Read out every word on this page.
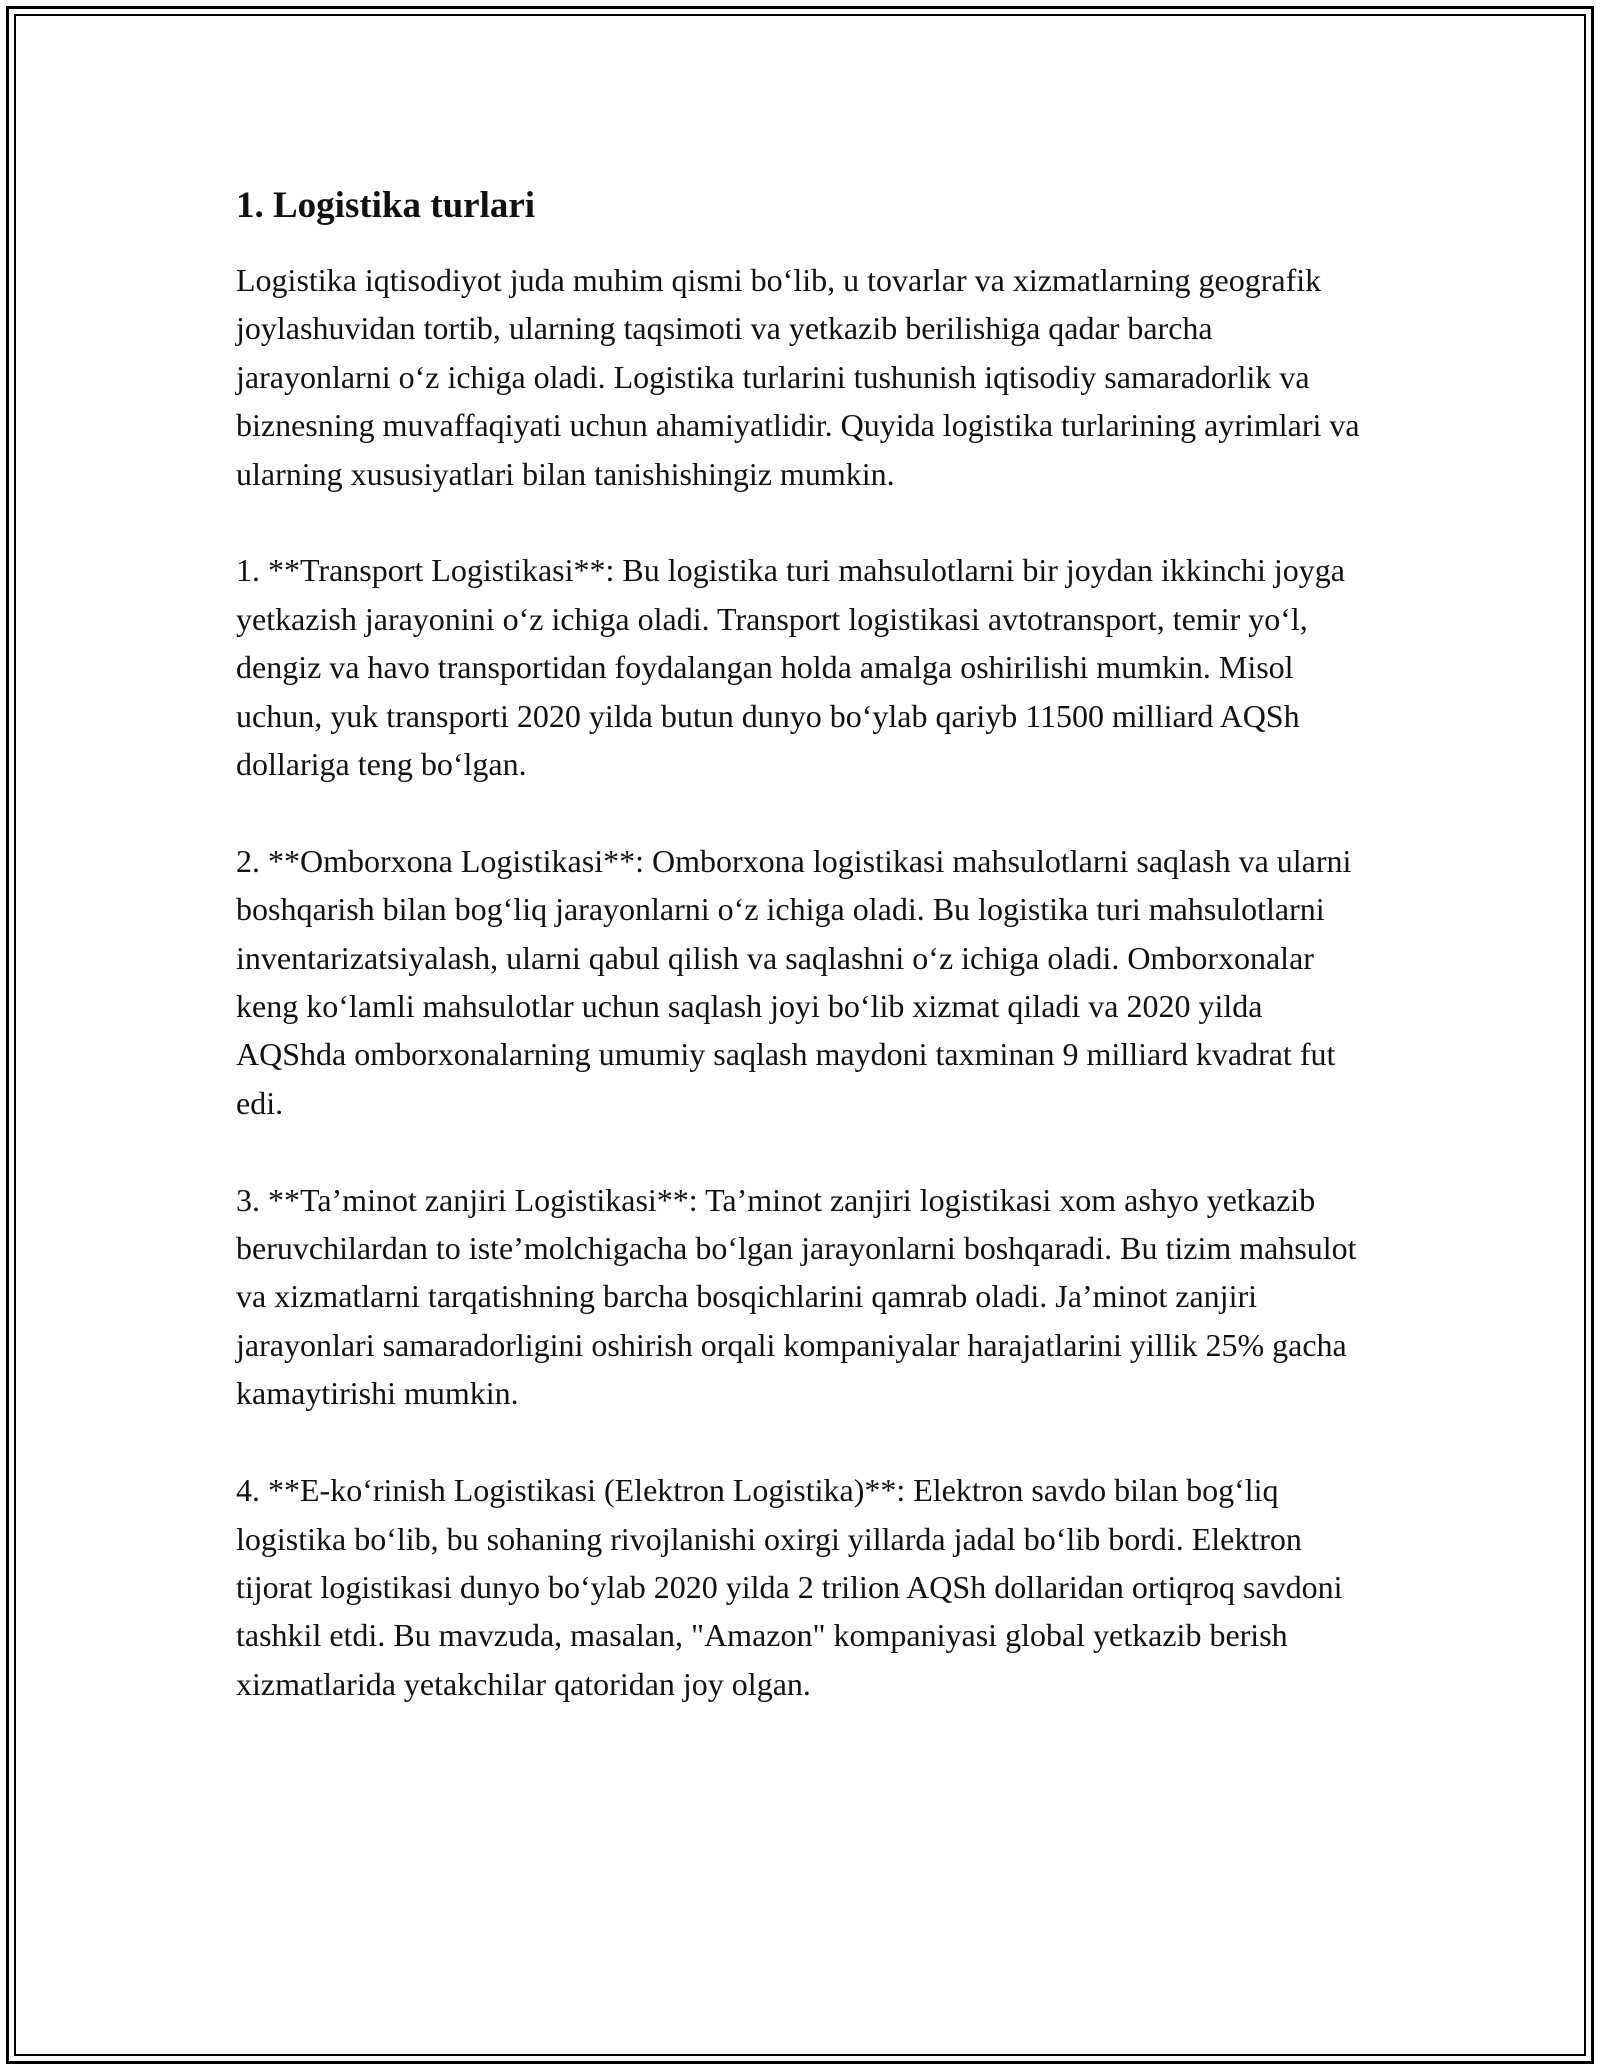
1. Logistika turlari

Logistika iqtisodiyot juda muhim qismi bo‘lib, u tovarlar va xizmatlarning geografik joylashuvidan tortib, ularning taqsimoti va yetkazib berilishiga qadar barcha jarayonlarni o‘z ichiga oladi. Logistika turlarini tushunish iqtisodiy samaradorlik va biznesning muvaffaqiyati uchun ahamiyatlidir. Quyida logistika turlarining ayrimlari va ularning xususiyatlari bilan tanishishingiz mumkin.

1. **Transport Logistikasi**: Bu logistika turi mahsulotlarni bir joydan ikkinchi joyga yetkazish jarayonini o‘z ichiga oladi. Transport logistikasi avtotransport, temir yo‘l, dengiz va havo transportidan foydalangan holda amalga oshirilishi mumkin. Misol uchun, yuk transporti 2020 yilda butun dunyo bo‘ylab qariyb 11500 milliard AQSh dollariga teng bo‘lgan.

2. **Omborxona Logistikasi**: Omborxona logistikasi mahsulotlarni saqlash va ularni boshqarish bilan bog‘liq jarayonlarni o‘z ichiga oladi. Bu logistika turi mahsulotlarni inventarizatsiyalash, ularni qabul qilish va saqlashni o‘z ichiga oladi. Omborxonalar keng ko‘lamli mahsulotlar uchun saqlash joyi bo‘lib xizmat qiladi va 2020 yilda AQShda omborxonalarning umumiy saqlash maydoni taxminan 9 milliard kvadrat fut edi.

3. **Ta’minot zanjiri Logistikasi**: Ta’minot zanjiri logistikasi xom ashyo yetkazib beruvchilardan to iste’molchigacha bo‘lgan jarayonlarni boshqaradi. Bu tizim mahsulot va xizmatlarni tarqatishning barcha bosqichlarini qamrab oladi. Ja’minot zanjiri jarayonlari samaradorligini oshirish orqali kompaniyalar harajatlarini yillik 25% gacha kamaytirishi mumkin.

4. **E-ko‘rinish Logistikasi (Elektron Logistika)**: Elektron savdo bilan bog‘liq logistika bo‘lib, bu sohaning rivojlanishi oxirgi yillarda jadal bo‘lib bordi. Elektron tijorat logistikasi dunyo bo‘ylab 2020 yilda 2 trilion AQSh dollaridan ortiqroq savdoni tashkil etdi. Bu mavzuda, masalan, "Amazon" kompaniyasi global yetkazib berish xizmatlarida yetakchilar qatoridan joy olgan.
